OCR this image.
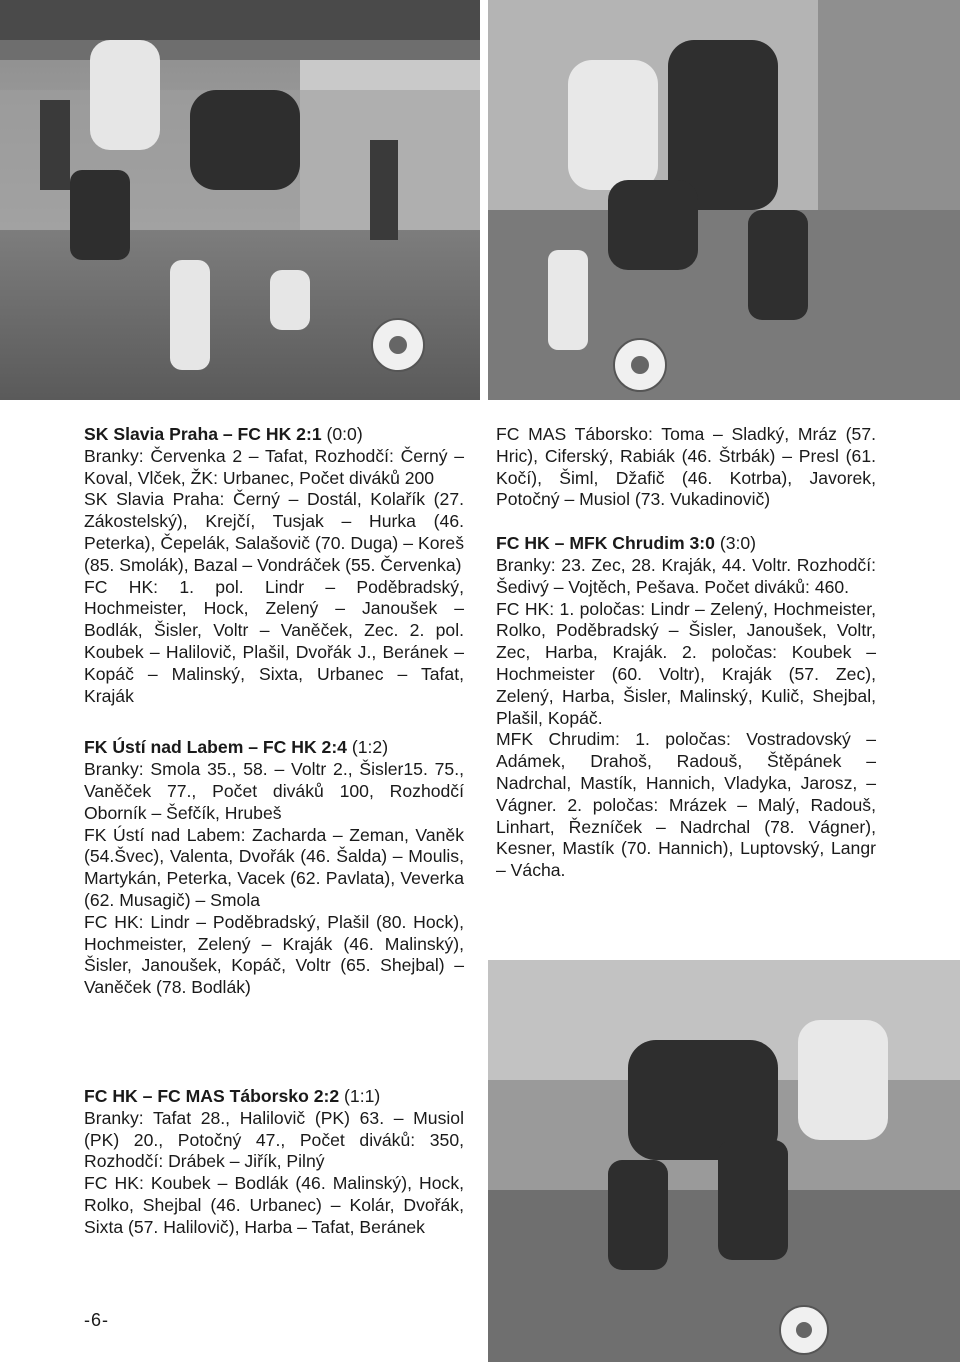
SK Slavia Praha – FC HK 2:1 (0:0)

Branky: Červenka 2 – Tafat, Rozhodčí: Černý – Koval, Vlček, ŽK: Urbanec, Počet diváků 200

SK Slavia Praha: Černý – Dostál, Kolařík (27. Zákostelský), Krejčí, Tusjak – Hurka (46. Peterka), Čepelák, Salašovič (70. Duga) – Koreš (85. Smolák), Bazal – Vondráček (55. Červenka)

FC HK: 1. pol. Lindr – Poděbradský, Hochmeister, Hock, Zelený – Janoušek – Bodlák, Šisler, Voltr – Vaněček, Zec. 2. pol. Koubek – Halilovič, Plašil, Dvořák J., Beránek – Kopáč – Malinský, Sixta, Urbanec – Tafat, Kraják

FK Ústí nad Labem – FC HK 2:4 (1:2)

Branky: Smola 35., 58. – Voltr 2., Šisler15. 75., Vaněček 77., Počet diváků 100, Rozhodčí Oborník – Šefčík, Hrubeš

FK Ústí nad Labem: Zacharda – Zeman, Vaněk (54.Švec), Valenta, Dvořák (46. Šalda) – Moulis, Martykán, Peterka, Vacek (62. Pavlata), Veverka (62. Musagič) – Smola

FC HK: Lindr – Poděbradský, Plašil (80. Hock), Hochmeister, Zelený – Kraják (46. Malinský), Šisler, Janoušek, Kopáč, Voltr (65. Shejbal) – Vaněček (78. Bodlák)

FC HK – FC MAS Táborsko 2:2 (1:1)

Branky: Tafat 28., Halilovič (PK) 63. – Musiol (PK) 20., Potočný 47., Počet diváků: 350, Rozhodčí: Drábek – Jiřík, Pilný

FC HK: Koubek – Bodlák (46. Malinský), Hock, Rolko, Shejbal (46. Urbanec) – Kolár, Dvořák, Sixta (57. Halilovič), Harba – Tafat, Beránek

FC MAS Táborsko: Toma – Sladký, Mráz (57. Hric), Ciferský, Rabiák (46. Štrbák) – Presl (61. Kočí), Šiml, Džafič (46. Kotrba), Javorek, Potočný – Musiol (73. Vukadinovič)

FC HK – MFK Chrudim 3:0 (3:0)

Branky: 23. Zec, 28. Kraják, 44. Voltr. Rozhodčí: Šedivý – Vojtěch, Pešava. Počet diváků: 460.

FC HK: 1. poločas: Lindr – Zelený, Hochmeister, Rolko, Poděbradský – Šisler, Janoušek, Voltr, Zec, Harba, Kraják. 2. poločas: Koubek – Hochmeister (60. Voltr), Kraják (57. Zec), Zelený, Harba, Šisler, Malinský, Kulič, Shejbal, Plašil, Kopáč.

MFK Chrudim: 1. poločas: Vostradovský – Adámek, Drahoš, Radouš, Štěpánek – Nadrchal, Mastík, Hannich, Vladyka, Jarosz, – Vágner. 2. poločas: Mrázek – Malý, Radouš, Linhart, Řezníček – Nadrchal (78. Vágner), Kesner, Mastík (70. Hannich), Luptovský, Langr – Vácha.

-6-
